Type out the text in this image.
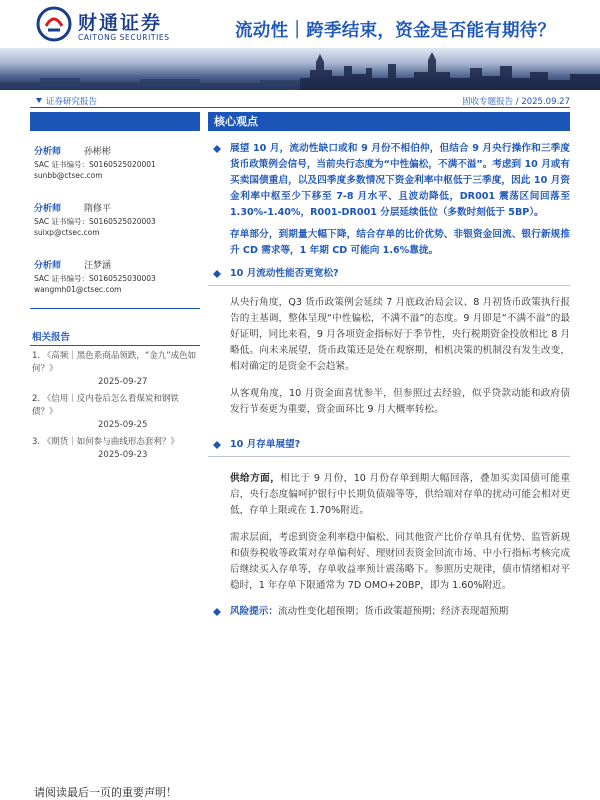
财通证券
CAITONG SECURITIES	流动性｜跨季结束，资金是否能有期待？
证券研究报告	固收专题报告 / 2025.09.27
分析师	孙彬彬
SAC 证书编号：S0160525020001
sunbb@ctsec.com
分析师	隋修平
SAC 证书编号：S0160525020003
suixp@ctsec.com
分析师	汪梦涵
SAC 证书编号：S0160525030003
wangmh01@ctsec.com
相关报告
1. 《高频｜黑色系商品领跌，“金九”成色如何？》
2025-09-27
2. 《信用｜反内卷后怎么看煤炭和钢铁债？》
2025-09-25
3. 《期货｜如何参与曲线形态套利？》
2025-09-23
核心观点

展望 10 月，流动性缺口或和 9 月份不相伯仲，但结合 9 月央行操作和三季度货币政策例会信号，当前央行态度为“中性偏松，不满不溢”。考虑到 10 月或有买卖国债重启，以及四季度多数情况下资金利率中枢低于三季度，因此 10 月资金利率中枢至少下移至 7-8 月水平、且波动降低，DR001 震荡区间回落至 1.30%-1.40%，R001-DR001 分层延续低位（多数时刻低于 5BP）。

存单部分，到期量大幅下降，结合存单的比价优势、非银资金回流、银行新规推升 CD 需求等，1 年期 CD 可能向 1.6%靠拢。

10 月流动性能否更宽松?

从央行角度，Q3 货币政策例会延续 7 月底政治局会议、8 月初货币政策执行报告的主基调，整体呈现“中性偏松，不满不溢”的态度。9 月即是“不满不溢”的最好证明，同比来看，9 月各项资金指标好于季节性，央行税期资金投放相比 8 月略低。向未来展望，货币政策还是处在观察期，相机决策的机制没有发生改变，相对确定的是资金不会趋紧。

从客观角度，10 月资金面喜忧参半，但参照过去经验，似乎贷款动能和政府债发行节奏更为重要，资金面环比 9 月大概率转松。

10 月存单展望?

供给方面，相比于 9 月份，10 月份存单到期大幅回落，叠加买卖国债可能重启，央行态度偏呵护银行中长期负债端等等，供给端对存单的扰动可能会相对更低，存单上限或在 1.70%附近。

需求层面，考虑到资金利率稳中偏松、同其他资产比价存单具有优势、监管新规和债券税收等政策对存单偏利好、理财回表资金回流市场、中小行指标考核完成后继续买入存单等，存单收益率预计震荡略下。参照历史规律，债市情绪相对平稳时，1 年存单下限通常为 7D OMO+20BP，即为 1.60%附近。

风险提示：流动性变化超预期；货币政策超预期；经济表现超预期

请阅读最后一页的重要声明！
